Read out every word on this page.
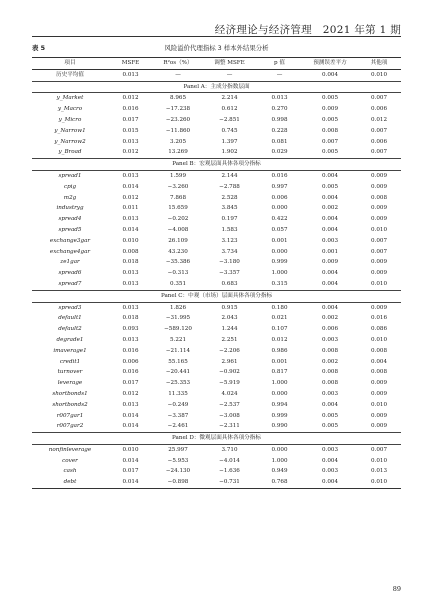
经济理论与经济管理　2021 年第 1 期
表 5	风险溢价代理指标 3 样本外结果分析
项目	MSFE	R²os（%）	调整 MSFE	p 值	预测误差平方	其他项
历史平均值	0.013	—	—	—	0.004	0.010
Panel A：主成分指数层面						
y_Market	0.012	8.965	2.214	0.013	0.005	0.007
y_Macro	0.016	−17.238	0.612	0.270	0.009	0.006
y_Micro	0.017	−23.260	−2.851	0.998	0.005	0.012
y_Narrow1	0.015	−11.860	0.745	0.228	0.008	0.007
y_Narrow2	0.013	3.205	1.397	0.081	0.007	0.006
y_Broad	0.012	13.269	1.902	0.029	0.005	0.007
Panel B：宏观层面具体各项分指标						
spread1	0.013	1.599	2.144	0.016	0.004	0.009
cpig	0.014	−3.260	−2.788	0.997	0.005	0.009
m2g	0.012	7.868	2.528	0.006	0.004	0.008
industryg	0.011	15.659	3.845	0.000	0.002	0.009
spread4	0.013	−0.202	0.197	0.422	0.004	0.009
spread5	0.014	−4.008	1.583	0.057	0.004	0.010
exchange3gar	0.010	26.109	3.123	0.001	0.003	0.007
exchange4gar	0.008	43.230	3.734	0.000	0.001	0.007
ze1gar	0.018	−35.386	−3.180	0.999	0.009	0.009
spread6	0.013	−0.313	−3.357	1.000	0.004	0.009
spread7	0.013	0.351	0.683	0.315	0.004	0.010
Panel C：中观（市场）层面具体各项分指标						
spread3	0.013	1.826	0.915	0.180	0.004	0.009
default1	0.018	−31.995	2.043	0.021	0.002	0.016
default2	0.093	−589.120	1.244	0.107	0.006	0.086
degrade1	0.013	5.221	2.251	0.012	0.003	0.010
imaverage1	0.016	−21.114	−2.206	0.986	0.008	0.008
credit1	0.006	55.165	2.961	0.001	0.002	0.004
turnover	0.016	−20.441	−0.902	0.817	0.008	0.008
leverage	0.017	−25.353	−5.919	1.000	0.008	0.009
shortbonds1	0.012	11.335	4.024	0.000	0.003	0.009
shortbonds2	0.013	−0.249	−2.537	0.994	0.004	0.010
r007gar1	0.014	−3.387	−3.008	0.999	0.005	0.009
r007gar2	0.014	−2.461	−2.311	0.990	0.005	0.009
Panel D：微观层面具体各项分指标						
nonfinleverage	0.010	25.997	3.710	0.000	0.003	0.007
cover	0.014	−5.953	−4.014	1.000	0.004	0.010
cash	0.017	−24.130	−1.636	0.949	0.003	0.013
debt	0.014	−0.898	−0.731	0.768	0.004	0.010
89
